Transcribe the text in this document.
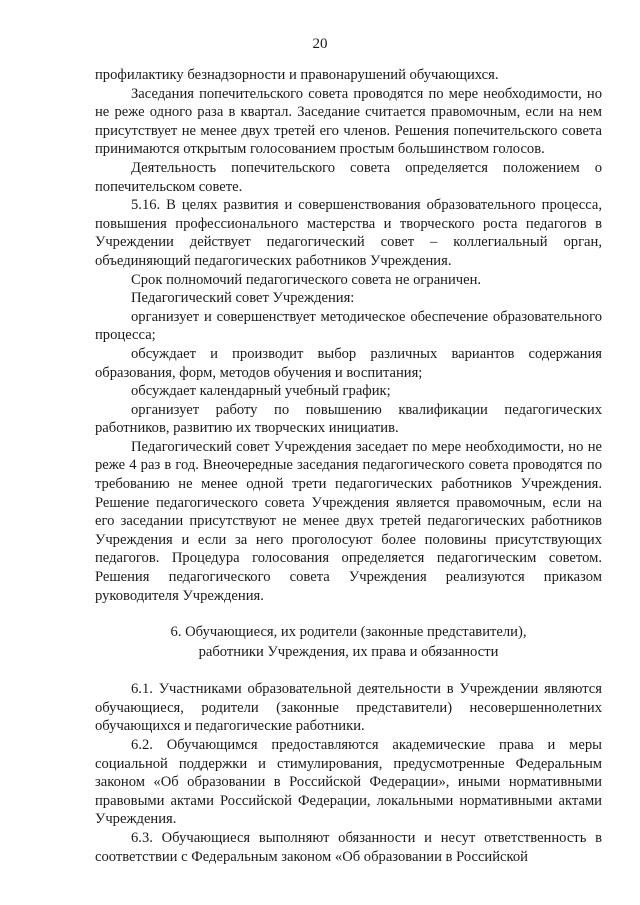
20

профилактику безнадзорности и правонарушений обучающихся.

Заседания попечительского совета проводятся по мере необходимости, но не реже одного раза в квартал. Заседание считается правомочным, если на нем присутствует не менее двух третей его членов. Решения попечительского совета принимаются открытым голосованием простым большинством голосов.

Деятельность попечительского совета определяется положением о попечительском совете.

5.16. В целях развития и совершенствования образовательного процесса, повышения профессионального мастерства и творческого роста педагогов в Учреждении действует педагогический совет – коллегиальный орган, объединяющий педагогических работников Учреждения.

Срок полномочий педагогического совета не ограничен.

Педагогический совет Учреждения:

организует и совершенствует методическое обеспечение образовательного процесса;

обсуждает и производит выбор различных вариантов содержания образования, форм, методов обучения и воспитания;

обсуждает календарный учебный график;

организует работу по повышению квалификации педагогических работников, развитию их творческих инициатив.

Педагогический совет Учреждения заседает по мере необходимости, но не реже 4 раз в год. Внеочередные заседания педагогического совета проводятся по требованию не менее одной трети педагогических работников Учреждения. Решение педагогического совета Учреждения является правомочным, если на его заседании присутствуют не менее двух третей педагогических работников Учреждения и если за него проголосуют более половины присутствующих педагогов. Процедура голосования определяется педагогическим советом. Решения педагогического совета Учреждения реализуются приказом руководителя Учреждения.

6. Обучающиеся, их родители (законные представители),
работники Учреждения, их права и обязанности

6.1. Участниками образовательной деятельности в Учреждении являются обучающиеся, родители (законные представители) несовершеннолетних обучающихся и педагогические работники.

6.2. Обучающимся предоставляются академические права и меры социальной поддержки и стимулирования, предусмотренные Федеральным законом «Об образовании в Российской Федерации», иными нормативными правовыми актами Российской Федерации, локальными нормативными актами Учреждения.

6.3. Обучающиеся выполняют обязанности и несут ответственность в соответствии с Федеральным законом «Об образовании в Российской
